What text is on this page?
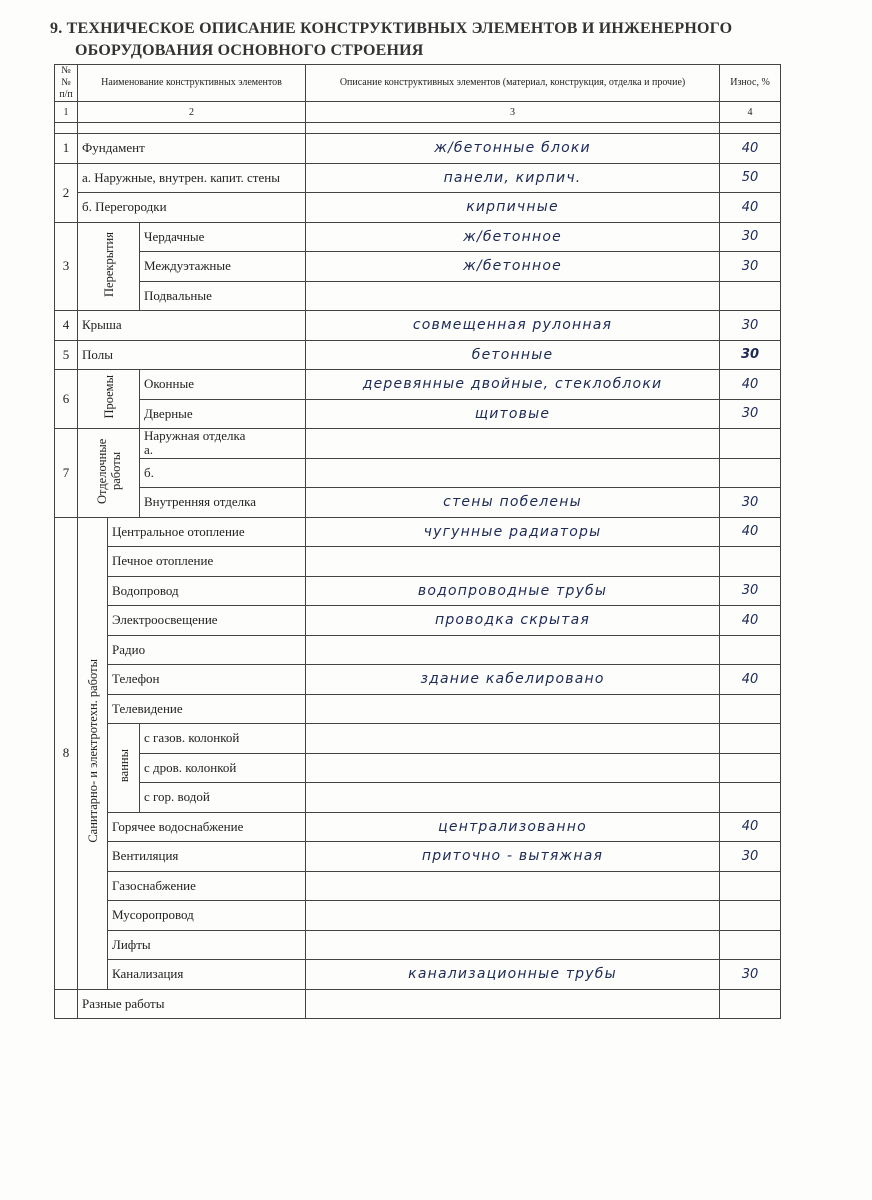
9. ТЕХНИЧЕСКОЕ ОПИСАНИЕ КОНСТРУКТИВНЫХ ЭЛЕМЕНТОВ И ИНЖЕНЕРНОГО
ОБОРУДОВАНИЯ ОСНОВНОГО СТРОЕНИЯ
№№ п/п	Наименование конструктивных элементов			Описание конструктивных элементов (материал, конструкция, отделка и прочие)	Износ, %
1	2			3	4

1	Фундамент			ж/бетонные блоки	40
2	а. Наружные, внутрен. капит. стены			панели, кирпич.	50
	б. Перегородки			кирпичные	40
3	Перекрытия		Чердачные	ж/бетонное	30
			Междуэтажные	ж/бетонное	30
			Подвальные		
4	Крыша			совмещенная рулонная	30
5	Полы			бетонные	30
6	Проемы		Оконные	деревянные двойные, стеклоблоки	40
			Дверные	щитовые	30
7	Отделочные работы		Наружная отделка
а.		

			б.		
			Внутренняя отделка	стены побелены	30
8	Санитарно- и электротехн. работы	Центральное отопление		чугунные радиаторы	40
		Печное отопление			
		Водопровод		водопроводные трубы	30
		Электроосвещение		проводка скрытая	40
		Радио			
		Телефон		здание кабелировано	40
		Телевидение			
		ванны	с газов. колонкой		
			с дров. колонкой		
			с гор. водой		
		Горячее водоснабжение		централизованно	40
		Вентиляция		приточно - вытяжная	30
		Газоснабжение			
		Мусоропровод			
		Лифты			
		Канализация		канализационные трубы	30
	Разные работы				
